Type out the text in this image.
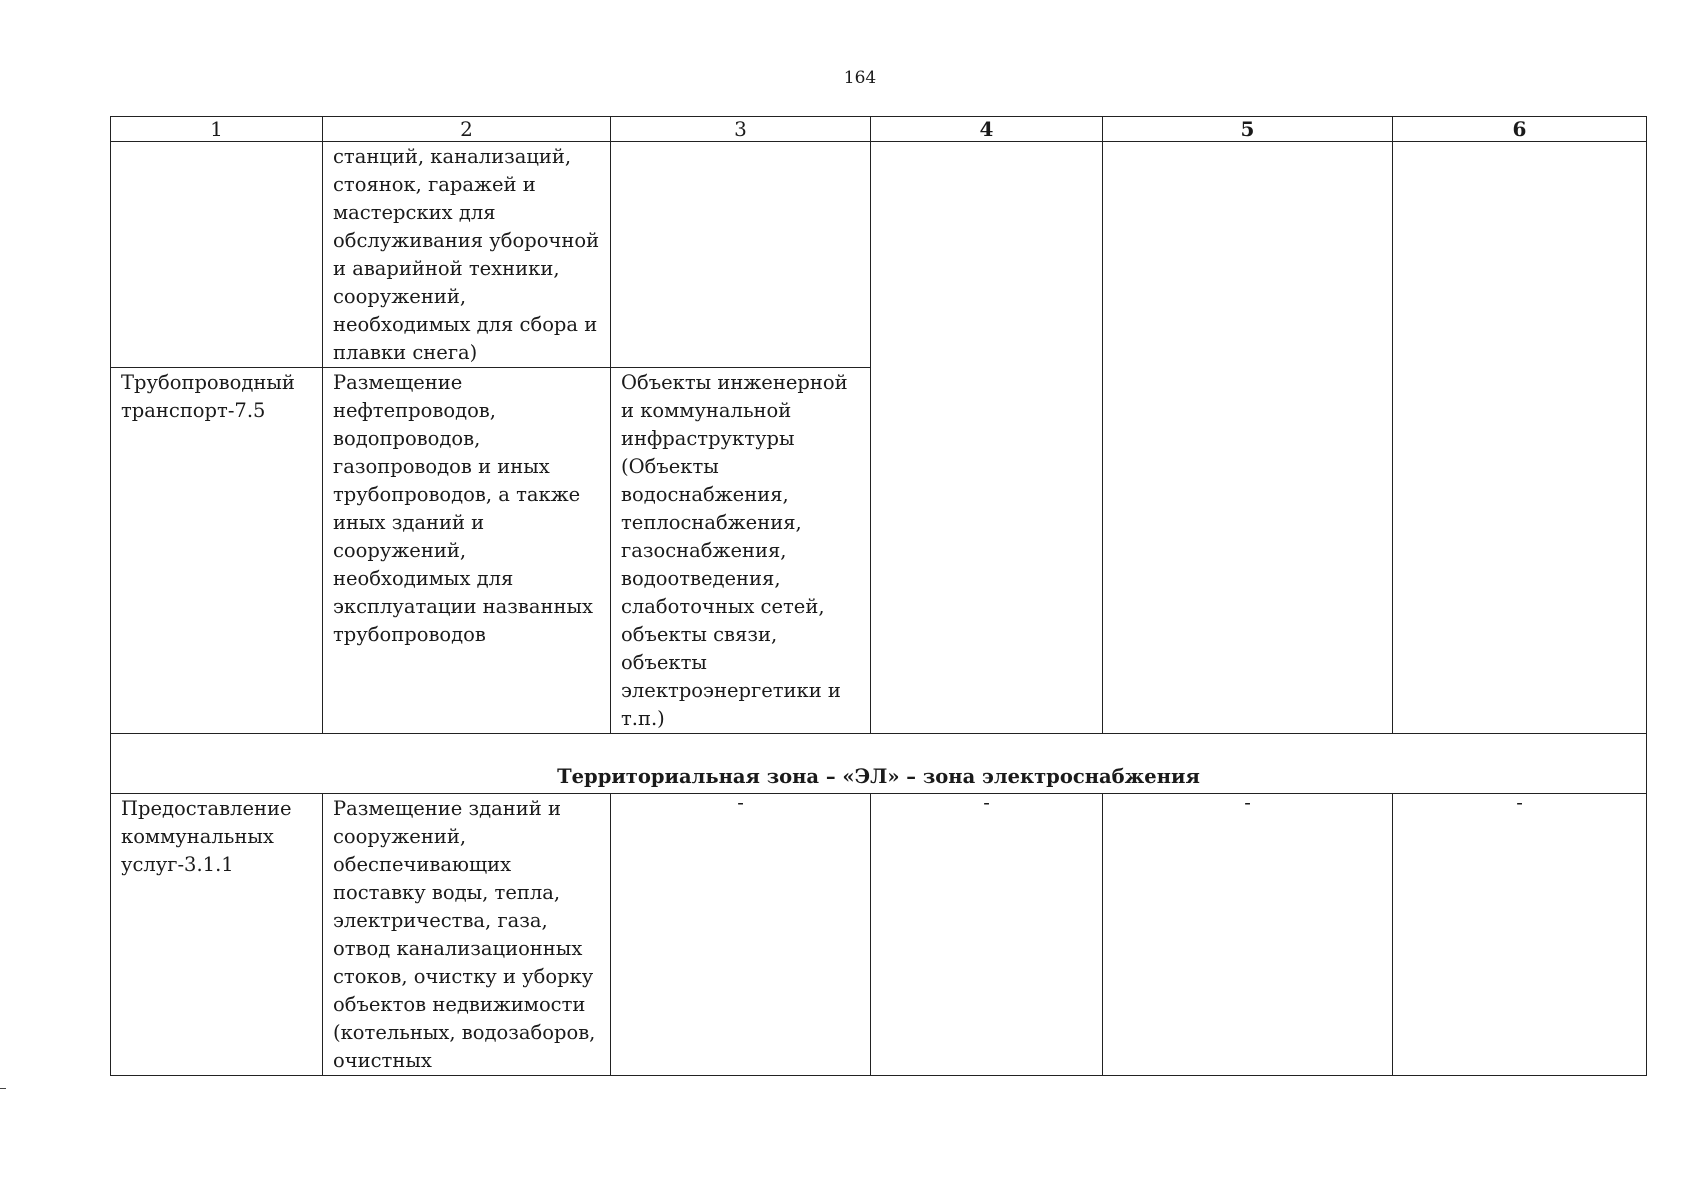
164
1	2	3	4	5	6
	станций, канализаций, стоянок, гаражей и мастерских для обслуживания уборочной и аварийной техники, сооружений, необходимых для сбора и плавки снега)				
Трубопроводный транспорт-7.5	Размещение нефтепроводов, водопроводов, газопроводов и иных трубопроводов, а также иных зданий и сооружений, необходимых для эксплуатации названных трубопроводов	Объекты инженерной и коммунальной инфраструктуры (Объекты водоснабжения, теплоснабжения, газоснабжения, водоотведения, слаботочных сетей, объекты связи, объекты электроэнергетики и т.п.)			
Территориальная зона – «ЭЛ» – зона электроснабжения					
Предоставление коммунальных услуг-3.1.1	Размещение зданий и сооружений, обеспечивающих поставку воды, тепла, электричества, газа, отвод канализационных стоков, очистку и уборку объектов недвижимости (котельных, водозаборов, очистных	-	-	-	-
